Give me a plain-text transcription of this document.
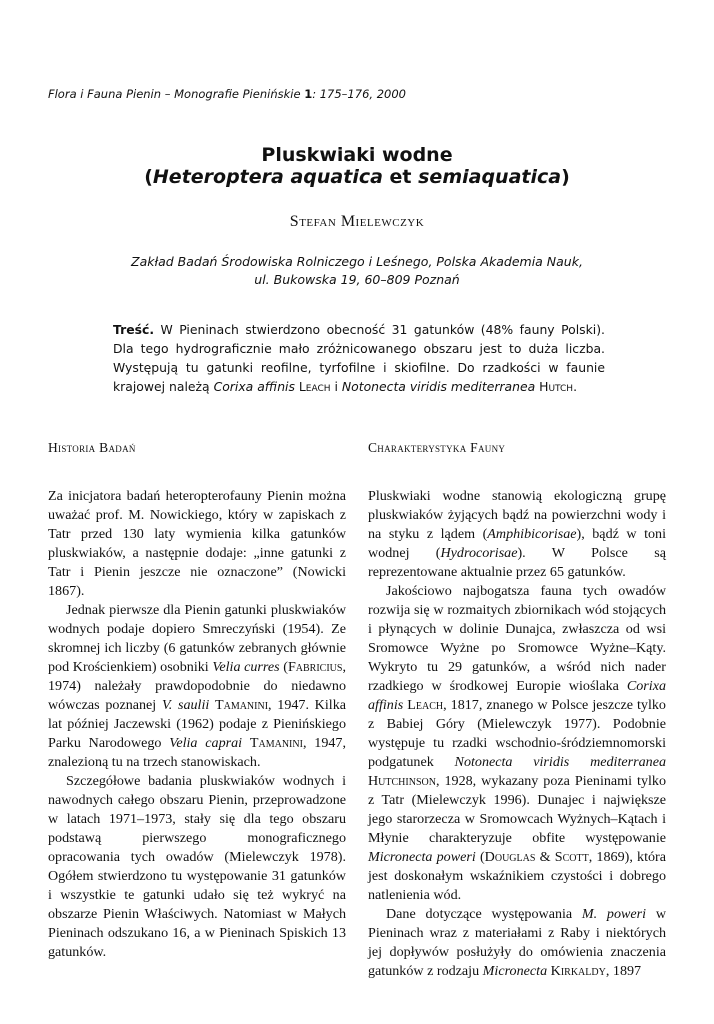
Flora i Fauna Pienin – Monografie Pienińskie 1: 175–176, 2000
Pluskwiaki wodne
(Heteroptera aquatica et semiaquatica)
Stefan Mielewczyk
Zakład Badań Środowiska Rolniczego i Leśnego, Polska Akademia Nauk,
ul. Bukowska 19, 60–809 Poznań
Treść. W Pieninach stwierdzono obecność 31 gatunków (48% fauny Polski). Dla tego hydrograficznie mało zróżnicowanego obszaru jest to duża liczba. Występują tu gatunki reofilne, tyrfofilne i skiofilne. Do rzadkości w faunie krajowej należą Corixa affinis Leach i Notonecta viridis mediterranea Hutch.
Historia Badań

Za inicjatora badań heteropterofauny Pienin można uważać prof. M. Nowickiego, który w zapiskach z Tatr przed 130 laty wymienia kilka gatunków pluskwiaków, a następnie dodaje: „inne gatunki z Tatr i Pienin jeszcze nie oznaczone” (Nowicki 1867).

Jednak pierwsze dla Pienin gatunki pluskwiaków wodnych podaje dopiero Smreczyński (1954). Ze skromnej ich liczby (6 gatunków zebranych głównie pod Krościenkiem) osobniki Velia curres (Fabricius, 1974) należały prawdopodobnie do niedawno wówczas poznanej V. saulii Tamanini, 1947. Kilka lat później Jaczewski (1962) podaje z Pienińskiego Parku Narodowego Velia caprai Tamanini, 1947, znalezioną tu na trzech stanowiskach.

Szczegółowe badania pluskwiaków wodnych i nawodnych całego obszaru Pienin, przeprowadzone w latach 1971–1973, stały się dla tego obszaru podstawą pierwszego monograficznego opracowania tych owadów (Mielewczyk 1978). Ogółem stwierdzono tu występowanie 31 gatunków i wszystkie te gatunki udało się też wykryć na obszarze Pienin Właściwych. Natomiast w Małych Pieninach odszukano 16, a w Pieninach Spiskich 13 gatunków.

Charakterystyka Fauny

Pluskwiaki wodne stanowią ekologiczną grupę pluskwiaków żyjących bądź na powierzchni wody i na styku z lądem (Amphibicorisae), bądź w toni wodnej (Hydrocorisae). W Polsce są reprezentowane aktualnie przez 65 gatunków.

Jakościowo najbogatsza fauna tych owadów rozwija się w rozmaitych zbiornikach wód stojących i płynących w dolinie Dunajca, zwłaszcza od wsi Sromowce Wyżne po Sromowce Wyżne–Kąty. Wykryto tu 29 gatunków, a wśród nich nader rzadkiego w środkowej Europie wioślaka Corixa affinis Leach, 1817, znanego w Polsce jeszcze tylko z Babiej Góry (Mielewczyk 1977). Podobnie występuje tu rzadki wschodnio-śródziemnomorski podgatunek Notonecta viridis mediterranea Hutchinson, 1928, wykazany poza Pieninami tylko z Tatr (Mielewczyk 1996). Dunajec i największe jego starorzecza w Sromowcach Wyżnych–Kątach i Młynie charakteryzuje obfite występowanie Micronecta poweri (Douglas & Scott, 1869), która jest doskonałym wskaźnikiem czystości i dobrego natlenienia wód.

Dane dotyczące występowania M. poweri w Pieninach wraz z materiałami z Raby i niektórych jej dopływów posłużyły do omówienia znaczenia gatunków z rodzaju Micronecta Kirkaldy, 1897
